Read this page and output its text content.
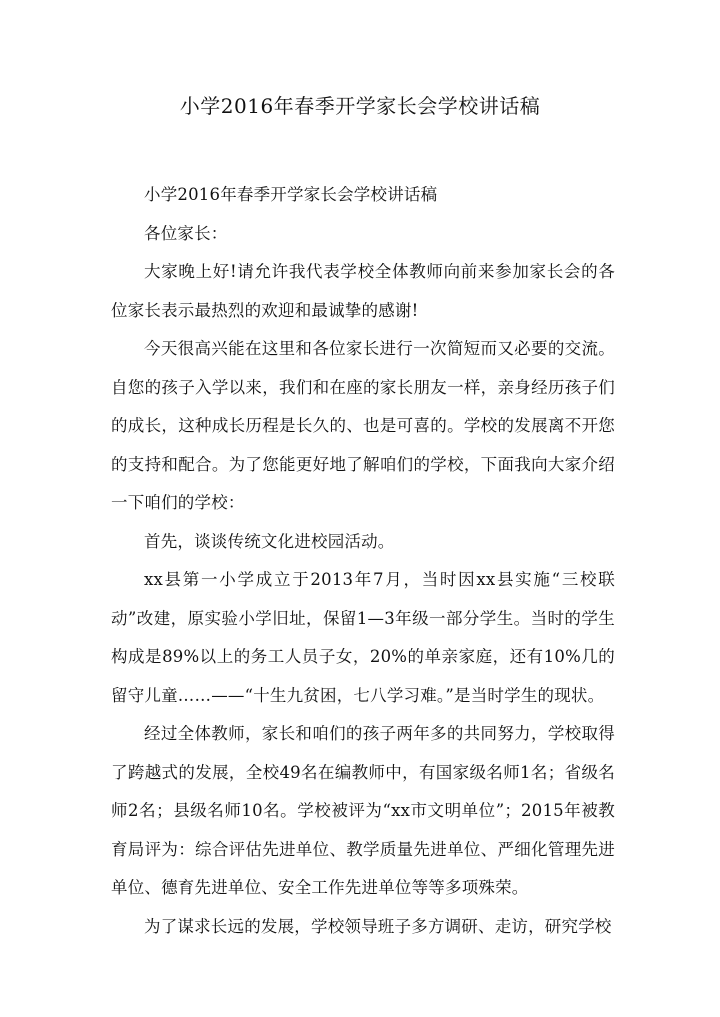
小学2016年春季开学家长会学校讲话稿

小学2016年春季开学家长会学校讲话稿

各位家长：

大家晚上好!请允许我代表学校全体教师向前来参加家长会的各位家长表示最热烈的欢迎和最诚挚的感谢!

今天很高兴能在这里和各位家长进行一次简短而又必要的交流。自您的孩子入学以来，我们和在座的家长朋友一样，亲身经历孩子们的成长，这种成长历程是长久的、也是可喜的。学校的发展离不开您的支持和配合。为了您能更好地了解咱们的学校，下面我向大家介绍一下咱们的学校：

首先，谈谈传统文化进校园活动。

xx县第一小学成立于2013年7月，当时因xx县实施“三校联动”改建，原实验小学旧址，保留1—3年级一部分学生。当时的学生构成是89%以上的务工人员子女，20%的单亲家庭，还有10%几的留守儿童……——“十生九贫困，七八学习难。”是当时学生的现状。

经过全体教师，家长和咱们的孩子两年多的共同努力，学校取得了跨越式的发展，全校49名在编教师中，有国家级名师1名；省级名师2名；县级名师10名。学校被评为“xx市文明单位”；2015年被教育局评为：综合评估先进单位、教学质量先进单位、严细化管理先进单位、德育先进单位、安全工作先进单位等等多项殊荣。

为了谋求长远的发展，学校领导班子多方调研、走访，研究学校
